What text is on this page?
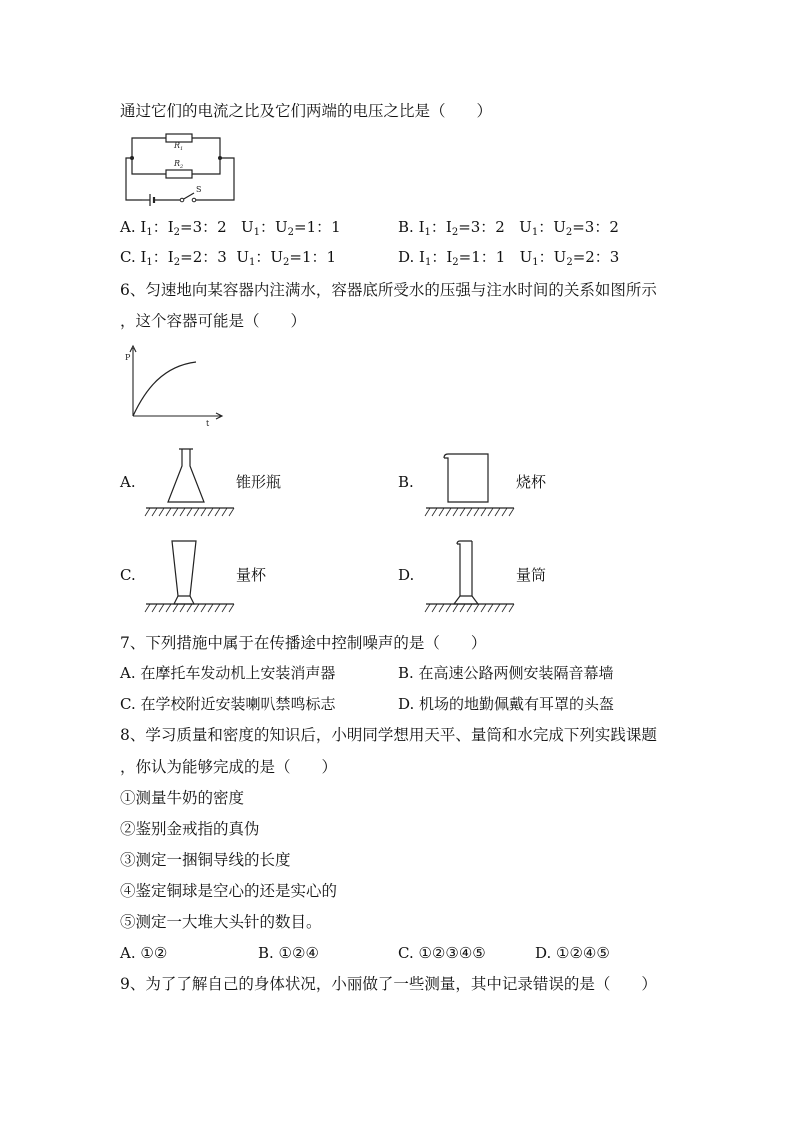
通过它们的电流之比及它们两端的电压之比是（　　）
$R_1$
$R_2$
S
A. $I_1$：$I_2=3$：2   $U_1$：$U_2=1$：1	B. $I_1$：$I_2=3$：2   $U_1$：$U_2=3$：2
C. $I_1$：$I_2=2$：3  $U_1$：$U_2=1$：1	D. $I_1$：$I_2=1$：1   $U_1$：$U_2=2$：3
6、匀速地向某容器内注满水，容器底所受水的压强与注水时间的关系如图所示
，这个容器可能是（　　）
P
t
A.	锥形瓶	B.	烧杯
C.	量杯	D.	量筒
7、下列措施中属于在传播途中控制噪声的是（　　）
A. 在摩托车发动机上安装消声器	B. 在高速公路两侧安装隔音幕墙
C. 在学校附近安装喇叭禁鸣标志	D. 机场的地勤佩戴有耳罩的头盔
8、学习质量和密度的知识后，小明同学想用天平、量筒和水完成下列实践课题
，你认为能够完成的是（　　）
①测量牛奶的密度
②鉴别金戒指的真伪
③测定一捆铜导线的长度
④鉴定铜球是空心的还是实心的
⑤测定一大堆大头针的数目。
A. ①②	B. ①②④	C. ①②③④⑤	D. ①②④⑤
9、为了了解自己的身体状况，小丽做了一些测量，其中记录错误的是（　　）
